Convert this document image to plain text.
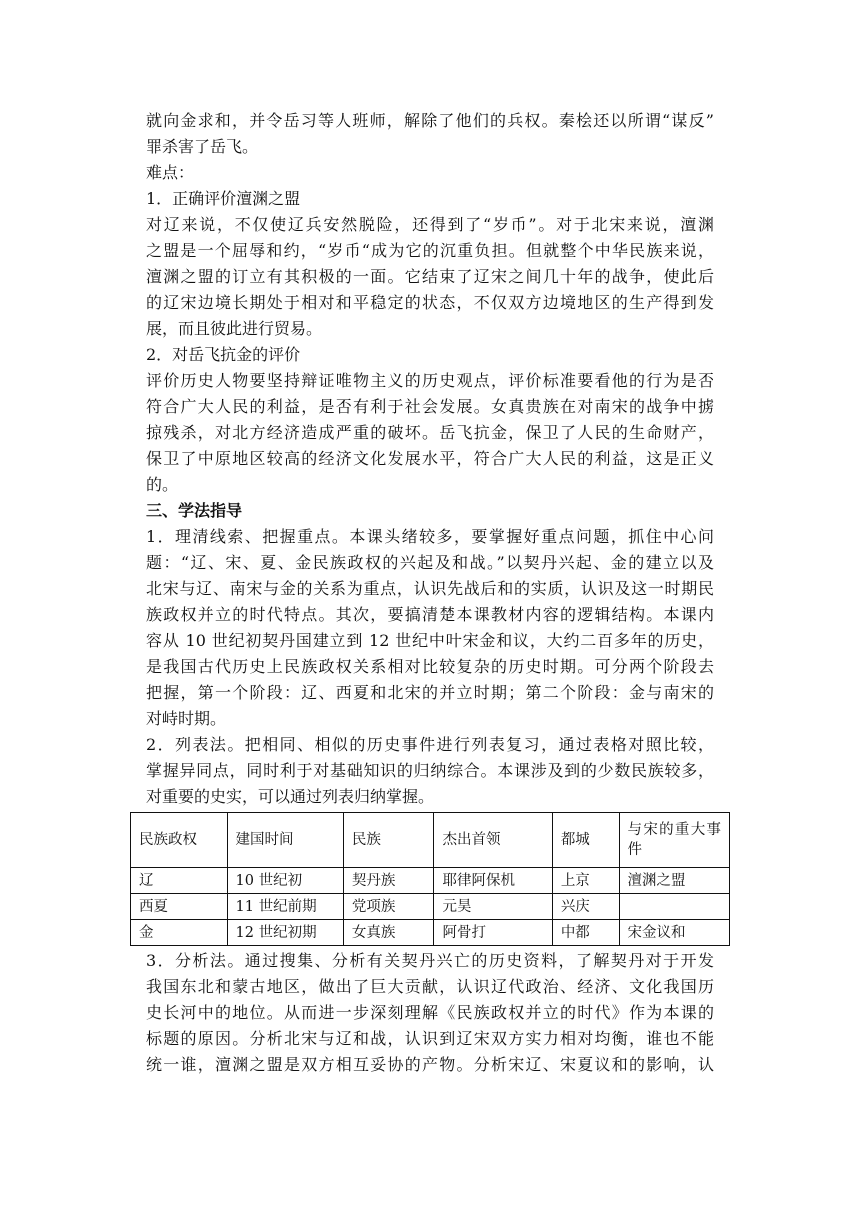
就向金求和，并令岳习等人班师，解除了他们的兵权。秦桧还以所谓“谋反”

罪杀害了岳飞。

难点：

1．正确评价澶渊之盟

对辽来说，不仅使辽兵安然脱险，还得到了“岁币”。对于北宋来说，澶渊

之盟是一个屈辱和约，“岁币“成为它的沉重负担。但就整个中华民族来说，

澶渊之盟的订立有其积极的一面。它结束了辽宋之间几十年的战争，使此后

的辽宋边境长期处于相对和平稳定的状态，不仅双方边境地区的生产得到发

展，而且彼此进行贸易。

2．对岳飞抗金的评价

评价历史人物要坚持辩证唯物主义的历史观点，评价标准要看他的行为是否

符合广大人民的利益，是否有利于社会发展。女真贵族在对南宋的战争中掳

掠残杀，对北方经济造成严重的破坏。岳飞抗金，保卫了人民的生命财产，

保卫了中原地区较高的经济文化发展水平，符合广大人民的利益，这是正义

的。

三、学法指导

1．理清线索、把握重点。本课头绪较多，要掌握好重点问题，抓住中心问

题：“辽、宋、夏、金民族政权的兴起及和战。”以契丹兴起、金的建立以及

北宋与辽、南宋与金的关系为重点，认识先战后和的实质，认识及这一时期民

族政权并立的时代特点。其次，要搞清楚本课教材内容的逻辑结构。本课内

容从 10 世纪初契丹国建立到 12 世纪中叶宋金和议，大约二百多年的历史，

是我国古代历史上民族政权关系相对比较复杂的历史时期。可分两个阶段去

把握，第一个阶段：辽、西夏和北宋的并立时期；第二个阶段：金与南宋的

对峙时期。

2．列表法。把相同、相似的历史事件进行列表复习，通过表格对照比较，

掌握异同点，同时利于对基础知识的归纳综合。本课涉及到的少数民族较多，

对重要的史实，可以通过列表归纳掌握。

民族政权	建国时间	民族	杰出首领	都城	与宋的重大事件
辽	10 世纪初	契丹族	耶律阿保机	上京	澶渊之盟
西夏	11 世纪前期	党项族	元昊	兴庆	
金	12 世纪初期	女真族	阿骨打	中都	宋金议和

3．分析法。通过搜集、分析有关契丹兴亡的历史资料，了解契丹对于开发

我国东北和蒙古地区，做出了巨大贡献，认识辽代政治、经济、文化我国历

史长河中的地位。从而进一步深刻理解《民族政权并立的时代》作为本课的

标题的原因。分析北宋与辽和战，认识到辽宋双方实力相对均衡，谁也不能

统一谁，澶渊之盟是双方相互妥协的产物。分析宋辽、宋夏议和的影响，认
